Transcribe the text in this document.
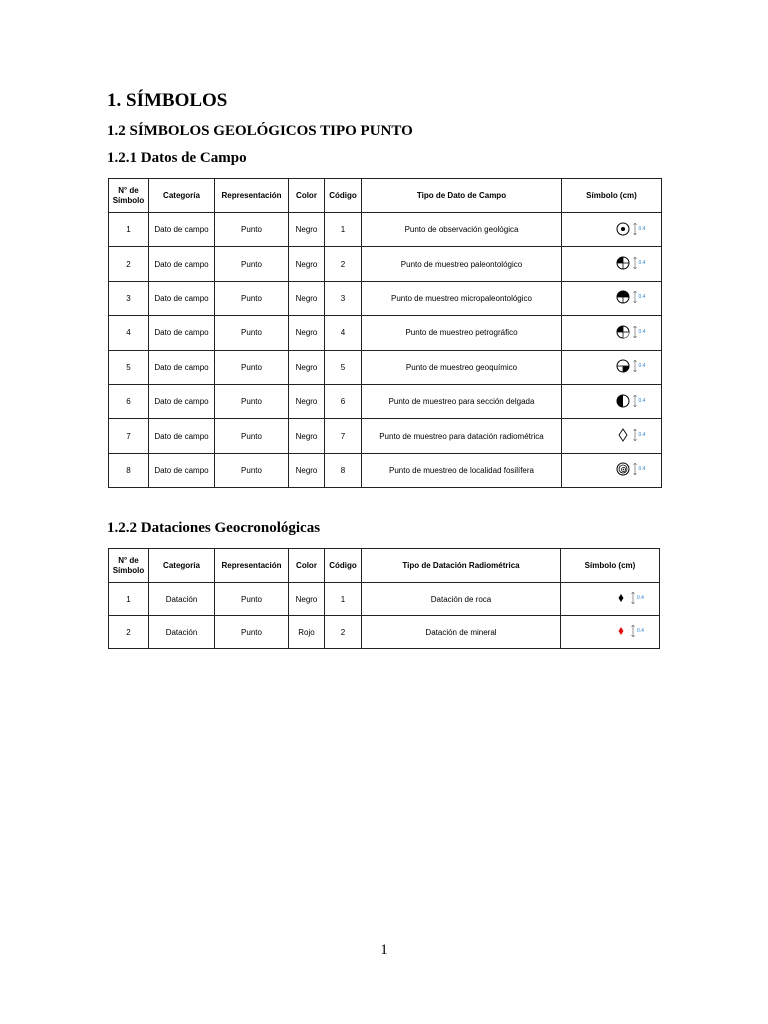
1. SÍMBOLOS
1.2 SÍMBOLOS GEOLÓGICOS TIPO PUNTO
1.2.1 Datos de Campo
N° de Símbolo	Categoría	Representación	Color	Código	Tipo de Dato de Campo	Símbolo (cm)
1	Dato de campo	Punto	Negro	1	Punto de observación geológica	0.4

2	Dato de campo	Punto	Negro	2	Punto de muestreo paleontológico	0.4

3	Dato de campo	Punto	Negro	3	Punto de muestreo micropaleontológico	0.4

4	Dato de campo	Punto	Negro	4	Punto de muestreo petrográfico	0.4

5	Dato de campo	Punto	Negro	5	Punto de muestreo geoquímico	0.4

6	Dato de campo	Punto	Negro	6	Punto de muestreo para sección delgada	0.4

7	Dato de campo	Punto	Negro	7	Punto de muestreo para datación radiométrica	0.4

8	Dato de campo	Punto	Negro	8	Punto de muestreo de localidad fosilífera	0.4
1.2.2 Dataciones Geocronológicas
N° de Símbolo	Categoría	Representación	Color	Código	Tipo de Datación Radiométrica	Símbolo (cm)
1	Datación	Punto	Negro	1	Datación de roca	0.4

2	Datación	Punto	Rojo	2	Datación de mineral	0.4
1
